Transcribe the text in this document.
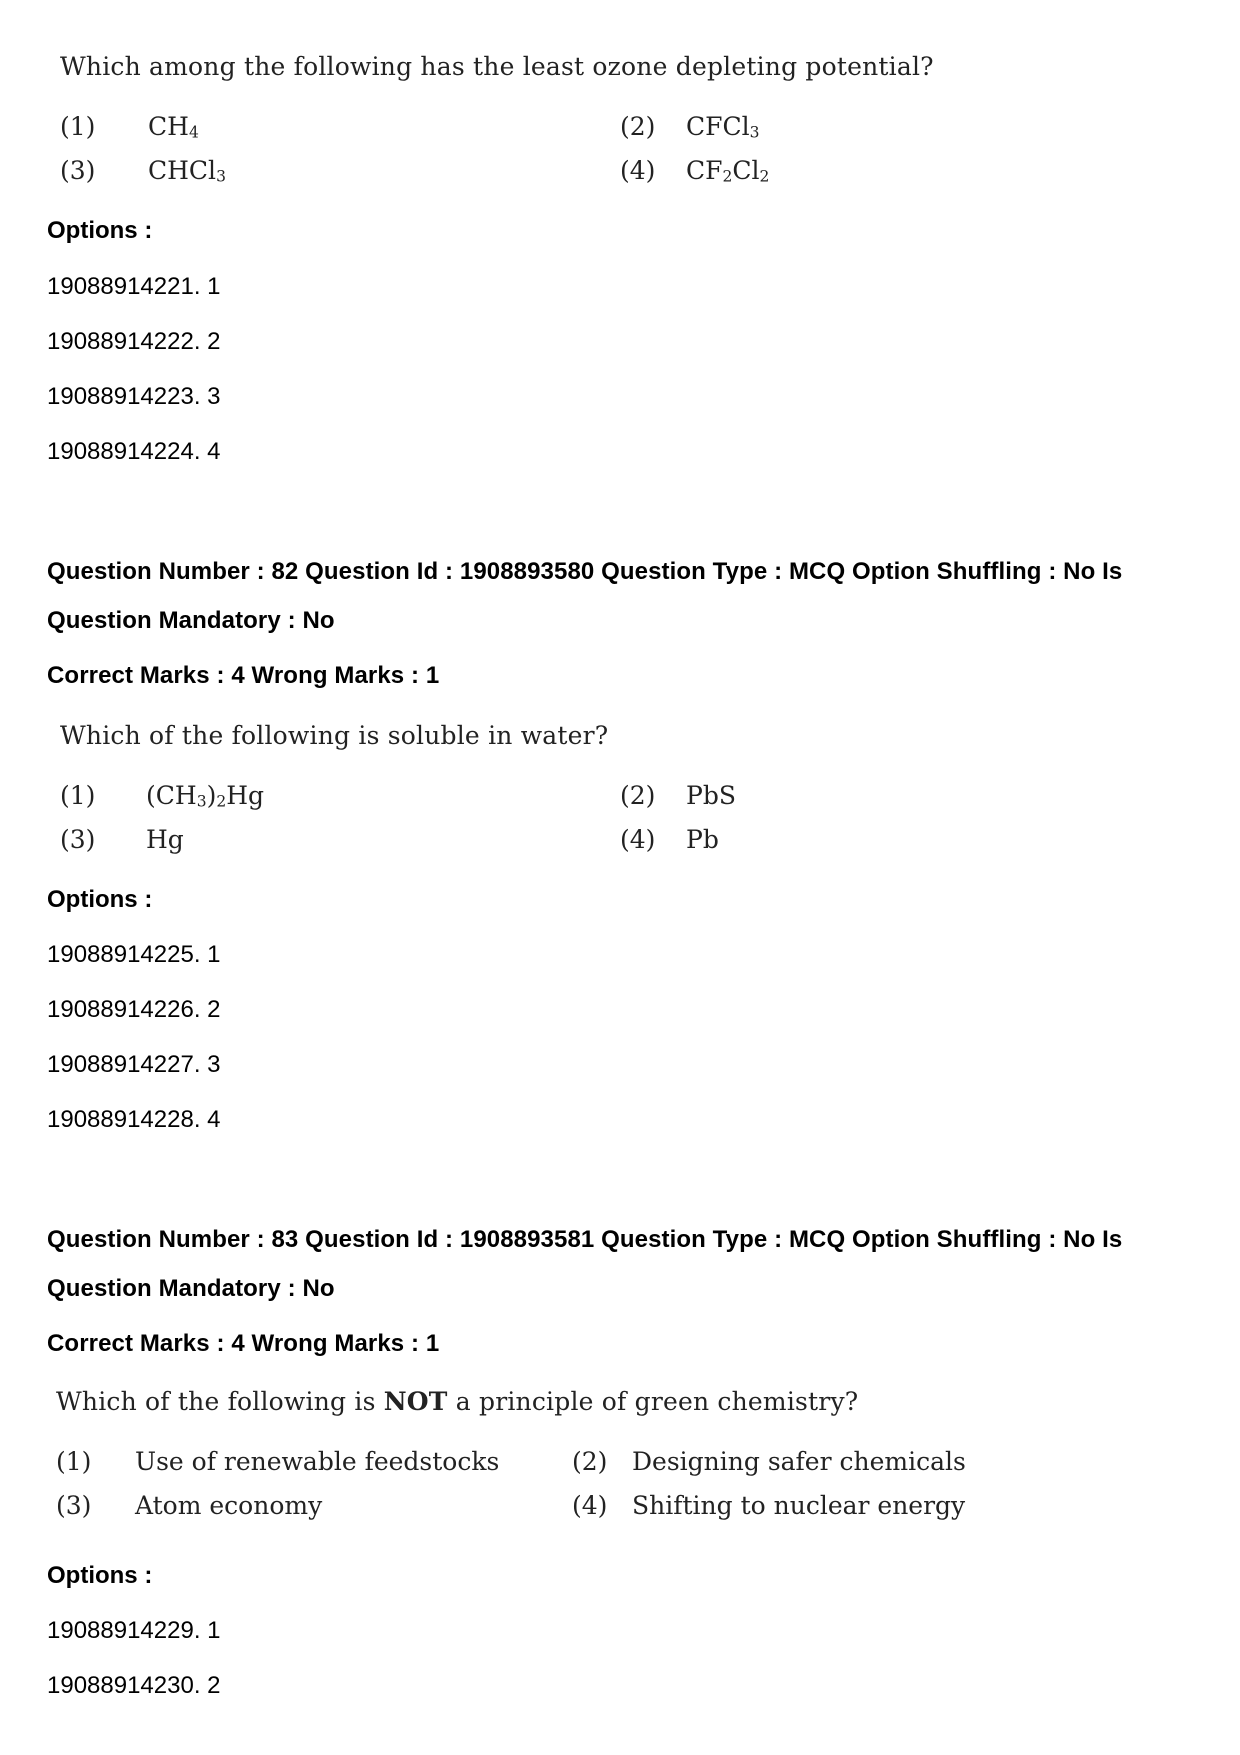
Which among the following has the least ozone depleting potential?
(1) $CH_4$	(2) CFCl$_3$
(3) CHCl$_3$	(4) $CF_2Cl_2$
Options :
19088914221. 1
19088914222. 2
19088914223. 3
19088914224. 4
Question Number : 82 Question Id : 1908893580 Question Type : MCQ Option Shuffling : No Is
Question Mandatory : No
Correct Marks : 4 Wrong Marks : 1
Which of the following is soluble in water?
(1) $(CH_3)_2Hg$	(2) PbS
(3) Hg	(4) Pb
Options :
19088914225. 1
19088914226. 2
19088914227. 3
19088914228. 4
Question Number : 83 Question Id : 1908893581 Question Type : MCQ Option Shuffling : No Is
Question Mandatory : No
Correct Marks : 4 Wrong Marks : 1
Which of the following is NOT a principle of green chemistry?
(1) Use of renewable feedstocks	(2) Designing safer chemicals
(3) Atom economy	(4) Shifting to nuclear energy
Options :
19088914229. 1
19088914230. 2
